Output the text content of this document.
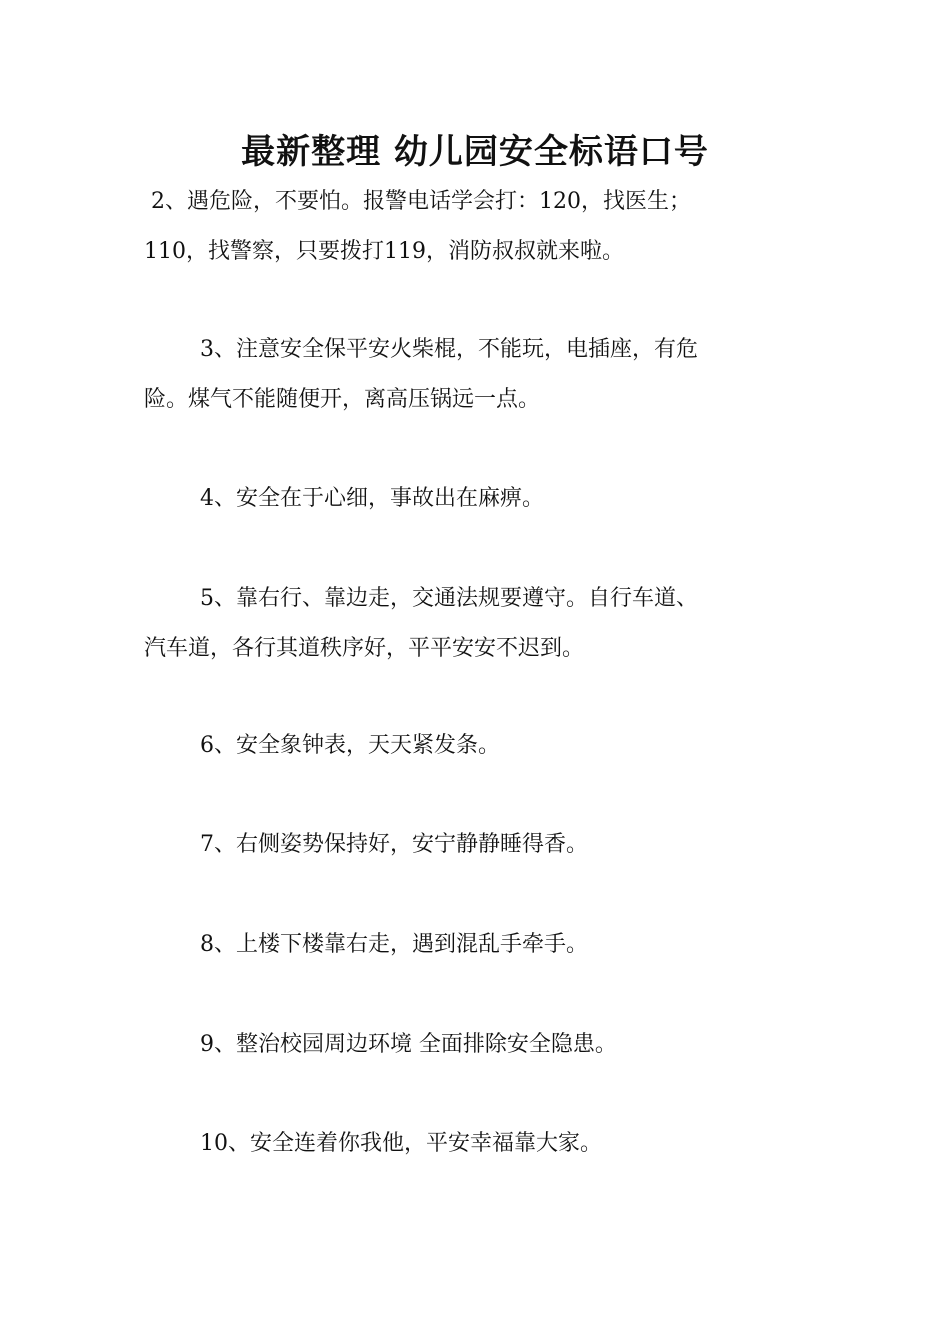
最新整理 幼儿园安全标语口号
2、遇危险，不要怕。报警电话学会打：120，找医生；
110，找警察，只要拨打119，消防叔叔就来啦。
3、注意安全保平安火柴棍，不能玩，电插座，有危
险。煤气不能随便开，离高压锅远一点。
4、安全在于心细，事故出在麻痹。
5、靠右行、靠边走，交通法规要遵守。自行车道、
汽车道，各行其道秩序好，平平安安不迟到。
6、安全象钟表，天天紧发条。
7、右侧姿势保持好，安宁静静睡得香。
8、上楼下楼靠右走，遇到混乱手牵手。
9、整治校园周边环境 全面排除安全隐患。
10、安全连着你我他，平安幸福靠大家。
